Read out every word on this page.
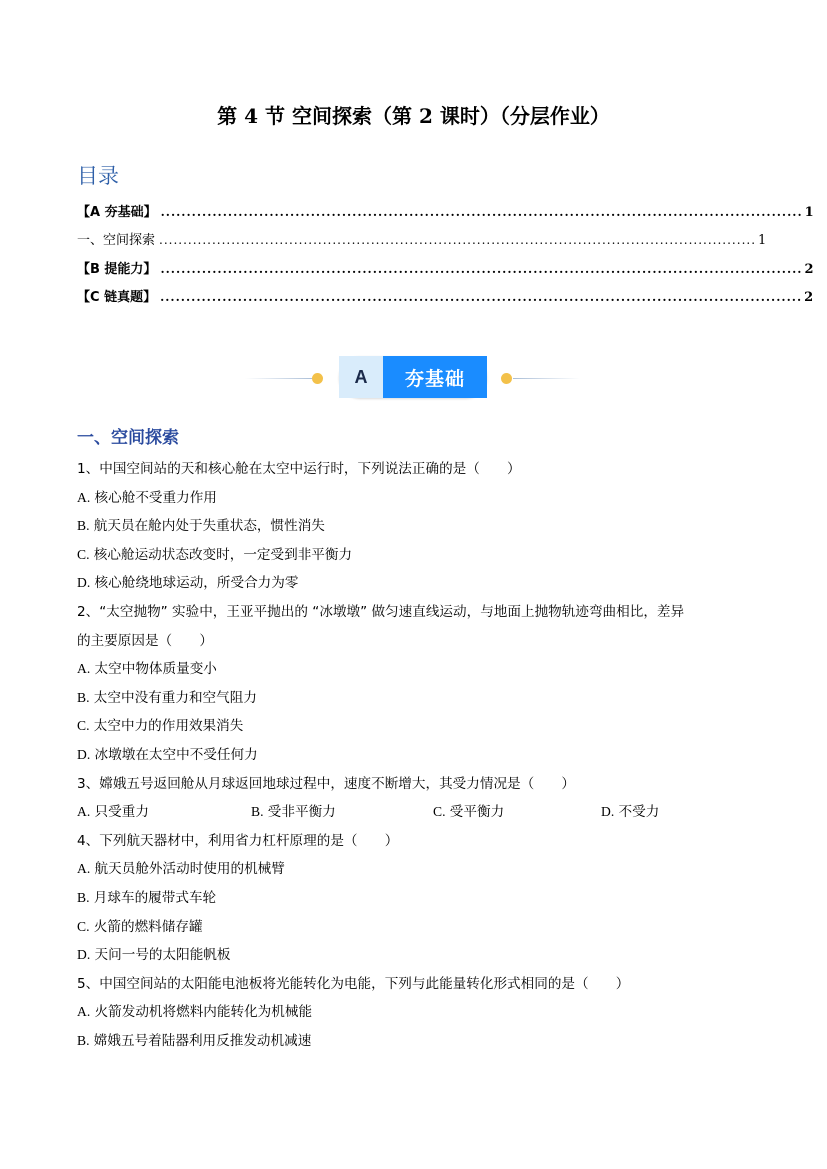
第 4 节 空间探索（第 2 课时）（分层作业）
目录
【A 夯基础】 ............................................................................................................................ 1
一、空间探索 ............................................................................................................................ 1
【B 提能力】 ............................................................................................................................ 2
【C 链真题】 ............................................................................................................................ 2
A	夯基础
一、空间探索
1、中国空间站的天和核心舱在太空中运行时，下列说法正确的是（　　）
A. 核心舱不受重力作用
B. 航天员在舱内处于失重状态，惯性消失
C. 核心舱运动状态改变时，一定受到非平衡力
D. 核心舱绕地球运动，所受合力为零
2、“太空抛物” 实验中，王亚平抛出的 “冰墩墩” 做匀速直线运动，与地面上抛物轨迹弯曲相比，差异
的主要原因是（　　）
A. 太空中物体质量变小
B. 太空中没有重力和空气阻力
C. 太空中力的作用效果消失
D. 冰墩墩在太空中不受任何力
3、嫦娥五号返回舱从月球返回地球过程中，速度不断增大，其受力情况是（　　）
A. 只受重力	B. 受非平衡力	C. 受平衡力	D. 不受力
4、下列航天器材中，利用省力杠杆原理的是（　　）
A. 航天员舱外活动时使用的机械臂
B. 月球车的履带式车轮
C. 火箭的燃料储存罐
D. 天问一号的太阳能帆板
5、中国空间站的太阳能电池板将光能转化为电能，下列与此能量转化形式相同的是（　　）
A. 火箭发动机将燃料内能转化为机械能
B. 嫦娥五号着陆器利用反推发动机减速
